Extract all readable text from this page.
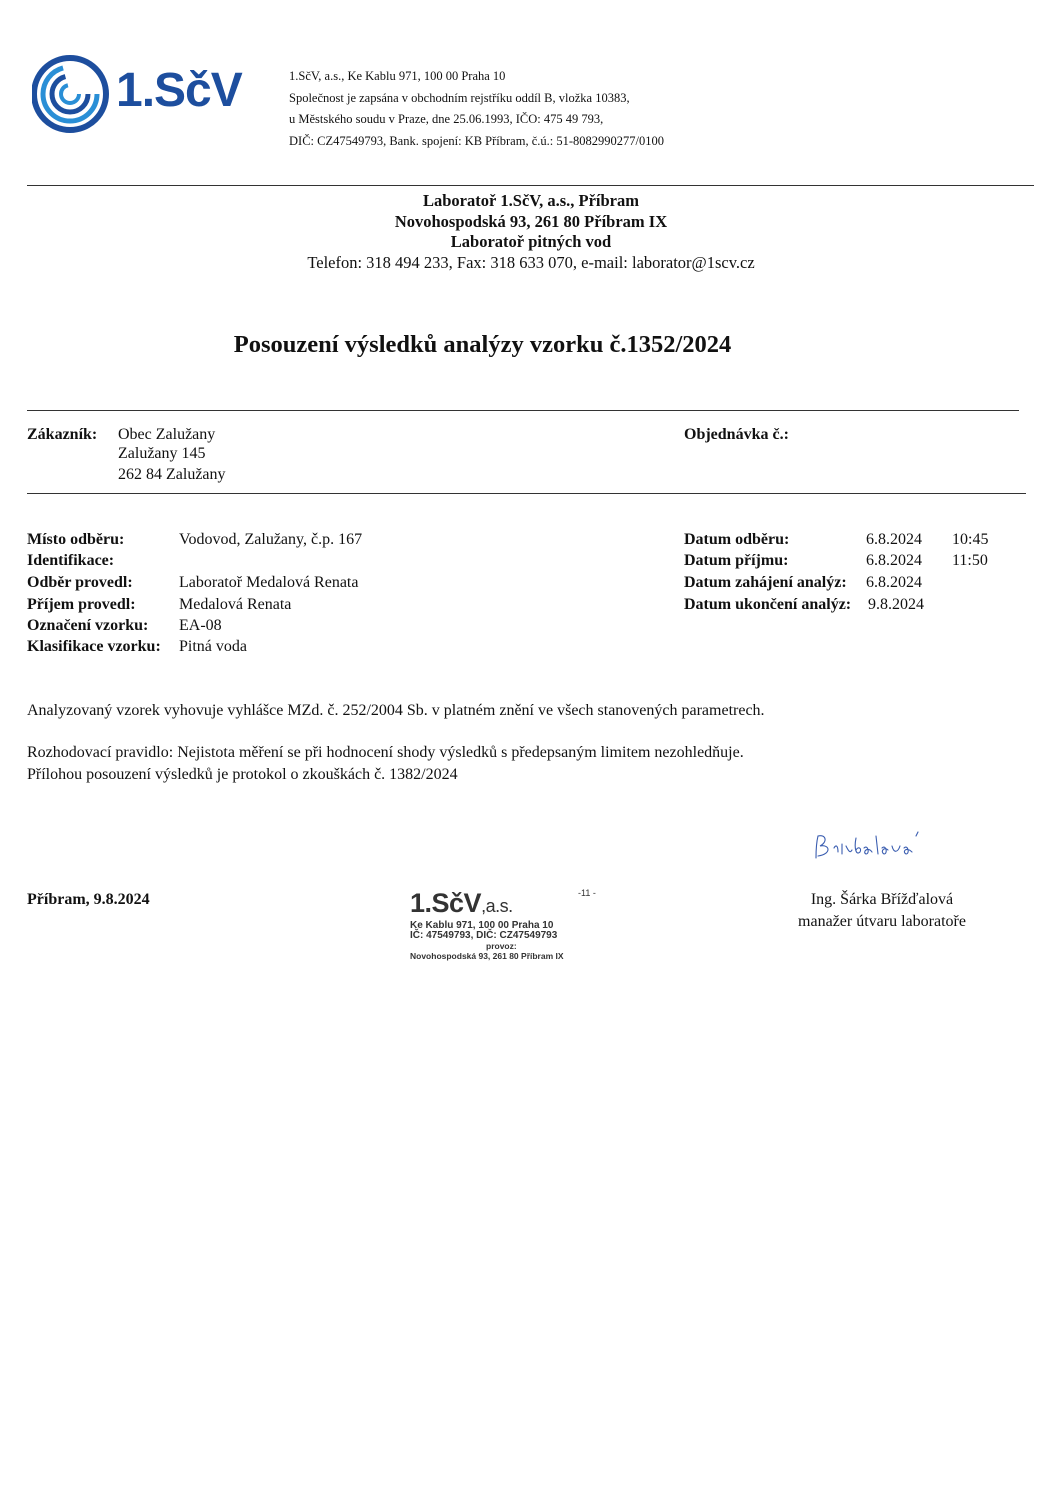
1.SčV	1.SčV, a.s., Ke Kablu 971, 100 00 Praha 10
Společnost je zapsána v obchodním rejstříku oddíl B, vložka 10383,
u Městského soudu v Praze, dne 25.06.1993, IČO: 475 49 793,
DIČ: CZ47549793, Bank. spojení: KB Příbram, č.ú.: 51-8082990277/0100
Laboratoř 1.SčV, a.s., Příbram
Novohospodská 93, 261 80 Příbram IX
Laboratoř pitných vod
Telefon: 318 494 233, Fax: 318 633 070, e-mail: laborator@1scv.cz
Posouzení výsledků analýzy vzorku č.1352/2024
Zákazník: Obec Zalužany
Zalužany 145
262 84 Zalužany
Objednávka č.:
Místo odběru:	Vodovod, Zalužany, č.p. 167
Identifikace:
Odběr provedl:	Laboratoř Medalová Renata
Příjem provedl:	Medalová Renata
Označení vzorku: EA-08
Klasifikace vzorku: Pitná voda
Datum odběru:	6.8.2024 10:45
Datum příjmu:	6.8.2024 11:50
Datum zahájení analýz: 6.8.2024
Datum ukončení analýz: 9.8.2024
Analyzovaný vzorek vyhovuje vyhlášce MZd. č. 252/2004 Sb. v platném znění ve všech stanovených parametrech.
Rozhodovací pravidlo: Nejistota měření se při hodnocení shody výsledků s předepsaným limitem nezohledňuje.
Přílohou posouzení výsledků je protokol o zkouškách č. 1382/2024
Příbram, 9.8.2024	1.SčV,a.s.
-11 -
Ke Kablu 971, 100 00 Praha 10
IČ: 47549793, DIČ: CZ47549793
provoz:
Novohospodská 93, 261 80 Příbram IX
Ing. Šárka Břížďalová
manažer útvaru laboratoře
